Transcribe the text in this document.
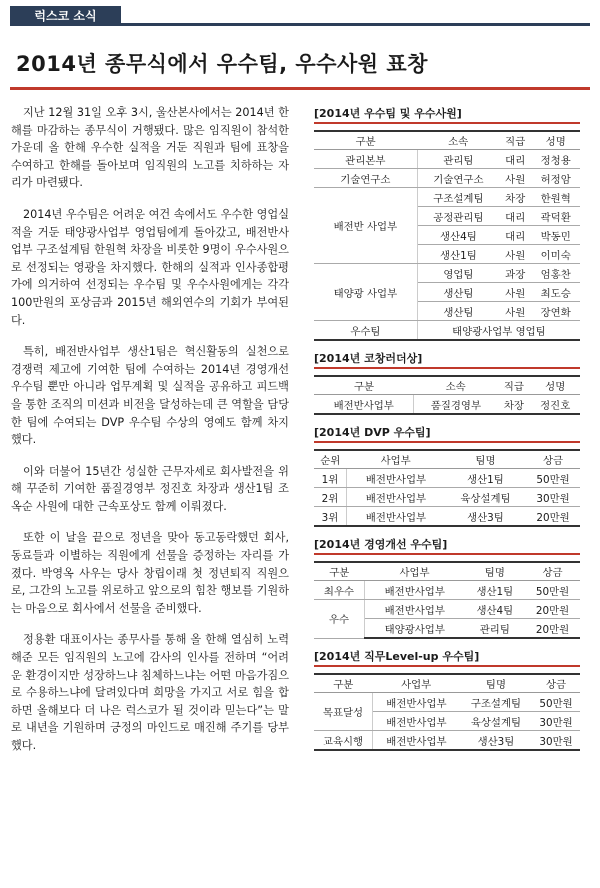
럭스코 소식
2014년 종무식에서 우수팀, 우수사원 표창

지난 12월 31일 오후 3시, 울산본사에서는 2014년 한해를 마감하는 종무식이 거행됐다. 많은 임직원이 참석한 가운데 올 한해 우수한 실적을 거둔 직원과 팀에 표창을 수여하고 한해를 돌아보며 임직원의 노고를 치하하는 자리가 마련됐다.

2014년 우수팀은 어려운 여건 속에서도 우수한 영업실적을 거둔 태양광사업부 영업팀에게 돌아갔고, 배전반사업부 구조설계팀 한원혁 차장을 비롯한 9명이 우수사원으로 선정되는 영광을 차지했다. 한해의 실적과 인사종합평가에 의거하여 선정되는 우수팀 및 우수사원에게는 각각 100만원의 포상금과 2015년 해외연수의 기회가 부여된다.

특히, 배전반사업부 생산1팀은 혁신활동의 실천으로 경쟁력 제고에 기여한 팀에 수여하는 2014년 경영개선 우수팀 뿐만 아니라 업무계획 및 실적을 공유하고 피드백을 통한 조직의 미션과 비전을 달성하는데 큰 역할을 담당한 팀에 수여되는 DVP 우수팀 수상의 영예도 함께 차지했다.

이와 더불어 15년간 성실한 근무자세로 회사발전을 위해 꾸준히 기여한 품질경영부 정진호 차장과 생산1팀 조옥순 사원에 대한 근속포상도 함께 이뤄졌다.

또한 이 날을 끝으로 정년을 맞아 동고동락했던 회사, 동료들과 이별하는 직원에게 선물을 증정하는 자리를 가졌다. 박영옥 사우는 당사 창립이래 첫 정년퇴직 직원으로, 그간의 노고를 위로하고 앞으로의 힘찬 행보를 기원하는 마음으로 회사에서 선물을 준비했다.

정용환 대표이사는 종무사를 통해 올 한해 열심히 노력해준 모든 임직원의 노고에 감사의 인사를 전하며 “어려운 환경이지만 성장하느냐 침체하느냐는 어떤 마음가짐으로 수용하느냐에 달려있다며 희망을 가지고 서로 힘을 합하면 올해보다 더 나은 럭스코가 될 것이라 믿는다”는 말로 내년을 기원하며 긍정의 마인드로 매진해 주기를 당부했다.

[2014년 우수팀 및 우수사원]
구분	소속	직급	성명
관리본부	관리팀	대리	정청용
기술연구소	기술연구소	사원	허정암
배전반 사업부	구조설계팀	차장	한원혁
	공정관리팀	대리	곽덕환
	생산4팀	대리	박동민
	생산1팀	사원	이미숙
태양광 사업부	영업팀	과장	엄홍찬
	생산팀	사원	최도승
	생산팀	사원	장연화
우수팀	태양광사업부 영업팀		
[2014년 코창러더상]
구분	소속	직급	성명
배전반사업부	품질경영부	차장	정진호
[2014년 DVP 우수팀]
순위	사업부	팀명	상금
1위	배전반사업부	생산1팀	50만원
2위	배전반사업부	육상설계팀	30만원
3위	배전반사업부	생산3팀	20만원
[2014년 경영개선 우수팀]
구분	사업부	팀명	상금
최우수	배전반사업부	생산1팀	50만원
우수	배전반사업부	생산4팀	20만원
	태양광사업부	관리팀	20만원
[2014년 직무Level-up 우수팀]
구분	사업부	팀명	상금
목표달성	배전반사업부	구조설계팀	50만원
	배전반사업부	육상설계팀	30만원
교육시행	배전반사업부	생산3팀	30만원
